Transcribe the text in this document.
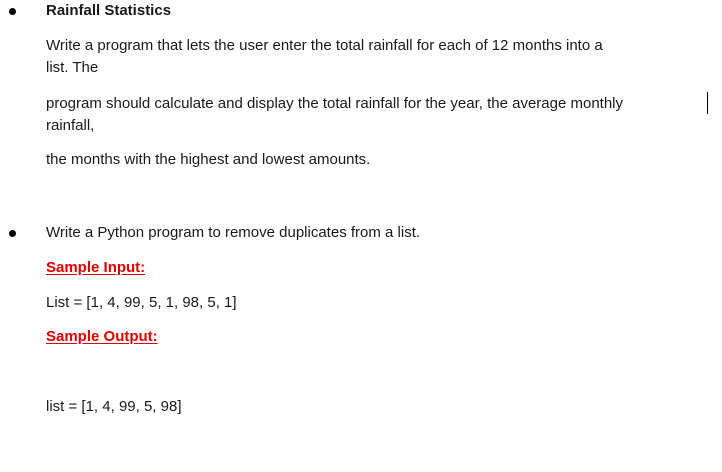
Rainfall Statistics
Write a program that lets the user enter the total rainfall for each of 12 months into a
list. The
program should calculate and display the total rainfall for the year, the average monthly
rainfall,
the months with the highest and lowest amounts.
Write a Python program to remove duplicates from a list.
Sample Input:
List = [1, 4, 99, 5, 1, 98, 5, 1]
Sample Output:
list = [1, 4, 99, 5, 98]
